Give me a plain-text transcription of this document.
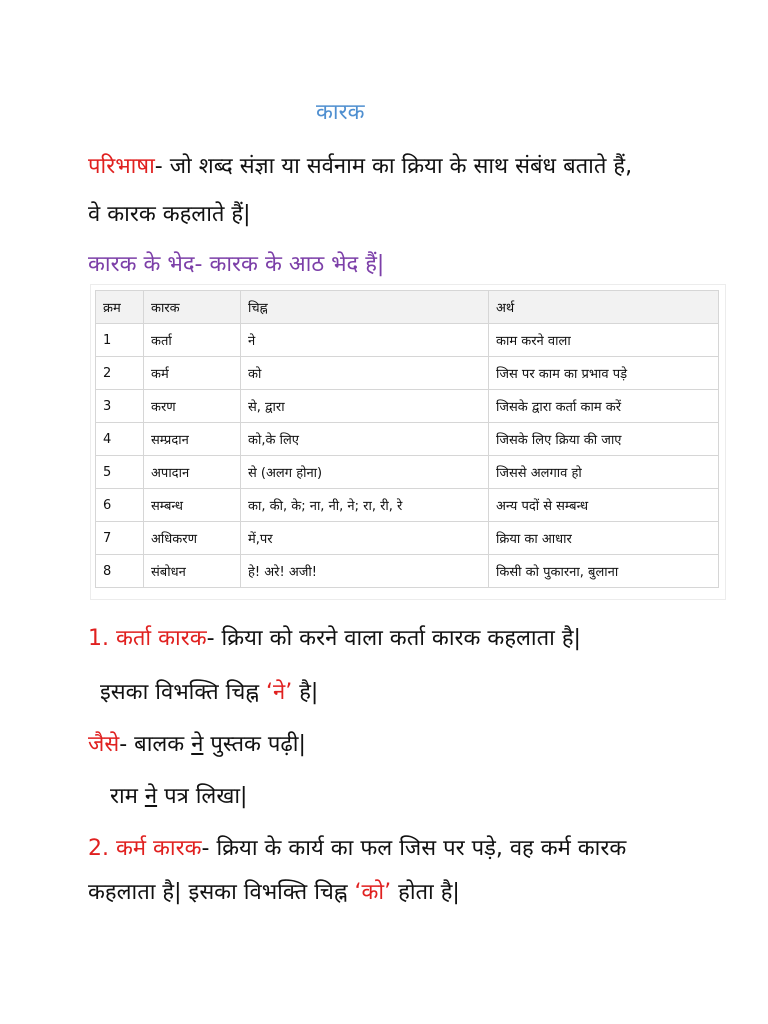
कारक
परिभाषा- जो शब्द संज्ञा या सर्वनाम का क्रिया के साथ संबंध बताते हैं,
वे कारक कहलाते हैं|
कारक के भेद- कारक के आठ भेद हैं|
क्रम	कारक	चिह्न	अर्थ
1	कर्ता	ने	काम करने वाला
2	कर्म	को	जिस पर काम का प्रभाव पड़े
3	करण	से, द्वारा	जिसके द्वारा कर्ता काम करें
4	सम्प्रदान	को,के लिए	जिसके लिए क्रिया की जाए
5	अपादान	से (अलग होना)	जिससे अलगाव हो
6	सम्बन्ध	का, की, के; ना, नी, ने; रा, री, रे	अन्य पदों से सम्बन्ध
7	अधिकरण	में,पर	क्रिया का आधार
8	संबोधन	हे! अरे! अजी!	किसी को पुकारना, बुलाना
1. कर्ता कारक- क्रिया को करने वाला कर्ता कारक कहलाता है|
इसका विभक्ति चिह्न ‘ने’ है|
जैसे- बालक ने पुस्तक पढ़ी|
राम ने पत्र लिखा|
2. कर्म कारक- क्रिया के कार्य का फल जिस पर पड़े, वह कर्म कारक
कहलाता है| इसका विभक्ति चिह्न ‘को’ होता है|
